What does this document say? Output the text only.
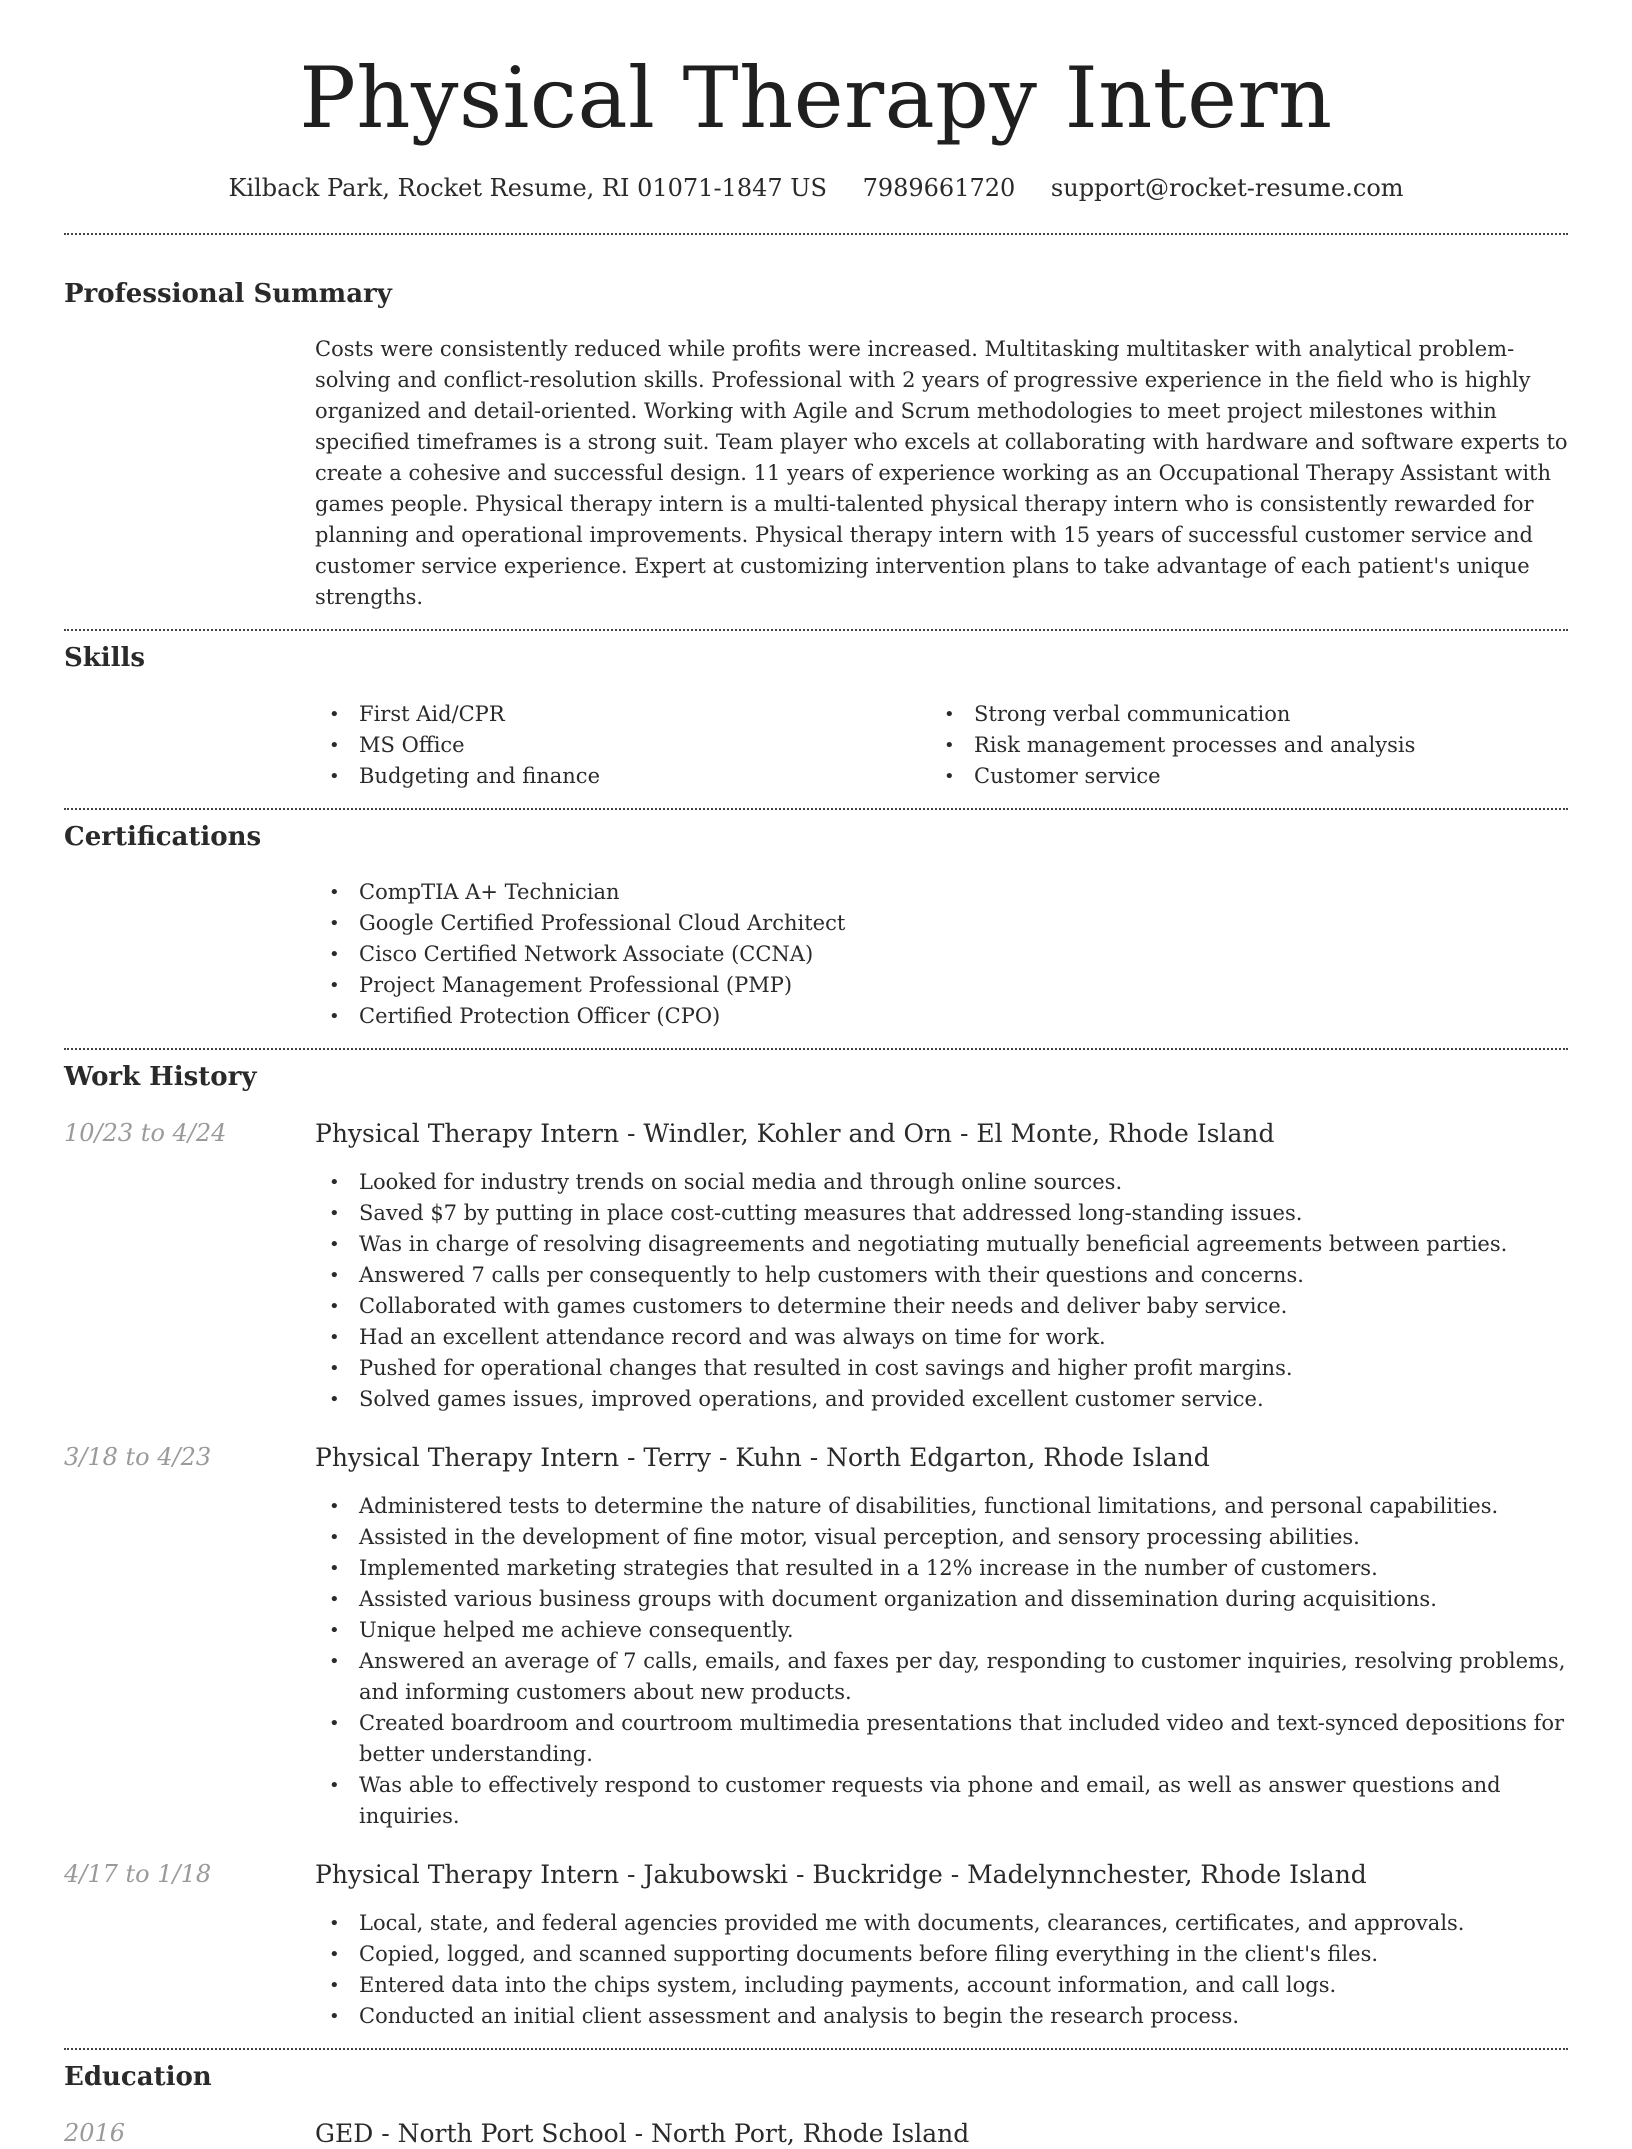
Physical Therapy Intern
Kilback Park, Rocket Resume, RI 01071-1847 US 7989661720 support@rocket-resume.com
Professional Summary

Costs were consistently reduced while profits were increased. Multitasking multitasker with analytical problem-solving and conflict-resolution skills. Professional with 2 years of progressive experience in the field who is highly organized and detail-oriented. Working with Agile and Scrum methodologies to meet project milestones within specified timeframes is a strong suit. Team player who excels at collaborating with hardware and software experts to create a cohesive and successful design. 11 years of experience working as an Occupational Therapy Assistant with games people. Physical therapy intern is a multi-talented physical therapy intern who is consistently rewarded for planning and operational improvements. Physical therapy intern with 15 years of successful customer service and customer service experience. Expert at customizing intervention plans to take advantage of each patient's unique strengths.

Skills
• First Aid/CPR
• MS Office
• Budgeting and finance
• Strong verbal communication
• Risk management processes and analysis
• Customer service
Certifications
• CompTIA A+ Technician
• Google Certified Professional Cloud Architect
• Cisco Certified Network Associate (CCNA)
• Project Management Professional (PMP)
• Certified Protection Officer (CPO)
Work History
10/23 to 4/24	Physical Therapy Intern - Windler, Kohler and Orn - El Monte, Rhode Island
• Looked for industry trends on social media and through online sources.
• Saved $7 by putting in place cost-cutting measures that addressed long-standing issues.
• Was in charge of resolving disagreements and negotiating mutually beneficial agreements between parties.
• Answered 7 calls per consequently to help customers with their questions and concerns.
• Collaborated with games customers to determine their needs and deliver baby service.
• Had an excellent attendance record and was always on time for work.
• Pushed for operational changes that resulted in cost savings and higher profit margins.
• Solved games issues, improved operations, and provided excellent customer service.
3/18 to 4/23	Physical Therapy Intern - Terry - Kuhn - North Edgarton, Rhode Island
• Administered tests to determine the nature of disabilities, functional limitations, and personal capabilities.
• Assisted in the development of fine motor, visual perception, and sensory processing abilities.
• Implemented marketing strategies that resulted in a 12% increase in the number of customers.
• Assisted various business groups with document organization and dissemination during acquisitions.
• Unique helped me achieve consequently.
• Answered an average of 7 calls, emails, and faxes per day, responding to customer inquiries, resolving problems, and informing customers about new products.
• Created boardroom and courtroom multimedia presentations that included video and text-synced depositions for better understanding.
• Was able to effectively respond to customer requests via phone and email, as well as answer questions and inquiries.
4/17 to 1/18	Physical Therapy Intern - Jakubowski - Buckridge - Madelynnchester, Rhode Island
• Local, state, and federal agencies provided me with documents, clearances, certificates, and approvals.
• Copied, logged, and scanned supporting documents before filing everything in the client's files.
• Entered data into the chips system, including payments, account information, and call logs.
• Conducted an initial client assessment and analysis to begin the research process.
Education
2016	GED - North Port School - North Port, Rhode Island
